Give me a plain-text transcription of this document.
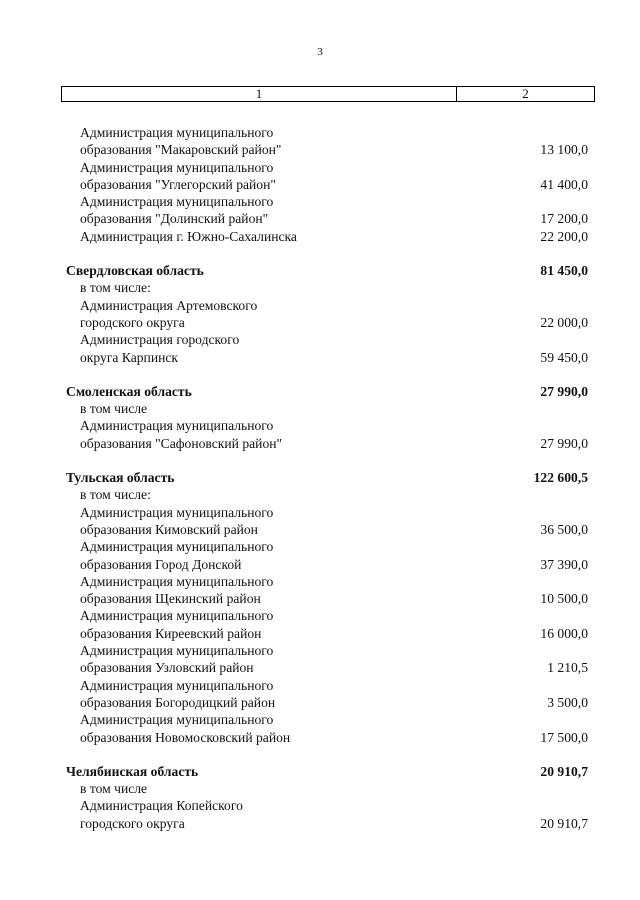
3
1	2
Администрация муниципального
образования "Макаровский район"	13 100,0
Администрация муниципального
образования "Углегорский район"	41 400,0
Администрация муниципального
образования "Долинский район"	17 200,0
Администрация г. Южно-Сахалинска	22 200,0
Свердловская область	81 450,0
в том числе:
Администрация Артемовского
городского округа	22 000,0
Администрация городского
округа Карпинск	59 450,0
Смоленская область	27 990,0
в том числе
Администрация муниципального
образования "Сафоновский район"	27 990,0
Тульская область	122 600,5
в том числе:
Администрация муниципального
образования Кимовский район	36 500,0
Администрация муниципального
образования Город Донской	37 390,0
Администрация муниципального
образования Щекинский район	10 500,0
Администрация муниципального
образования Киреевский район	16 000,0
Администрация муниципального
образования Узловский район	1 210,5
Администрация муниципального
образования Богородицкий район	3 500,0
Администрация муниципального
образования Новомосковский район	17 500,0
Челябинская область	20 910,7
в том числе
Администрация Копейского
городского округа	20 910,7
